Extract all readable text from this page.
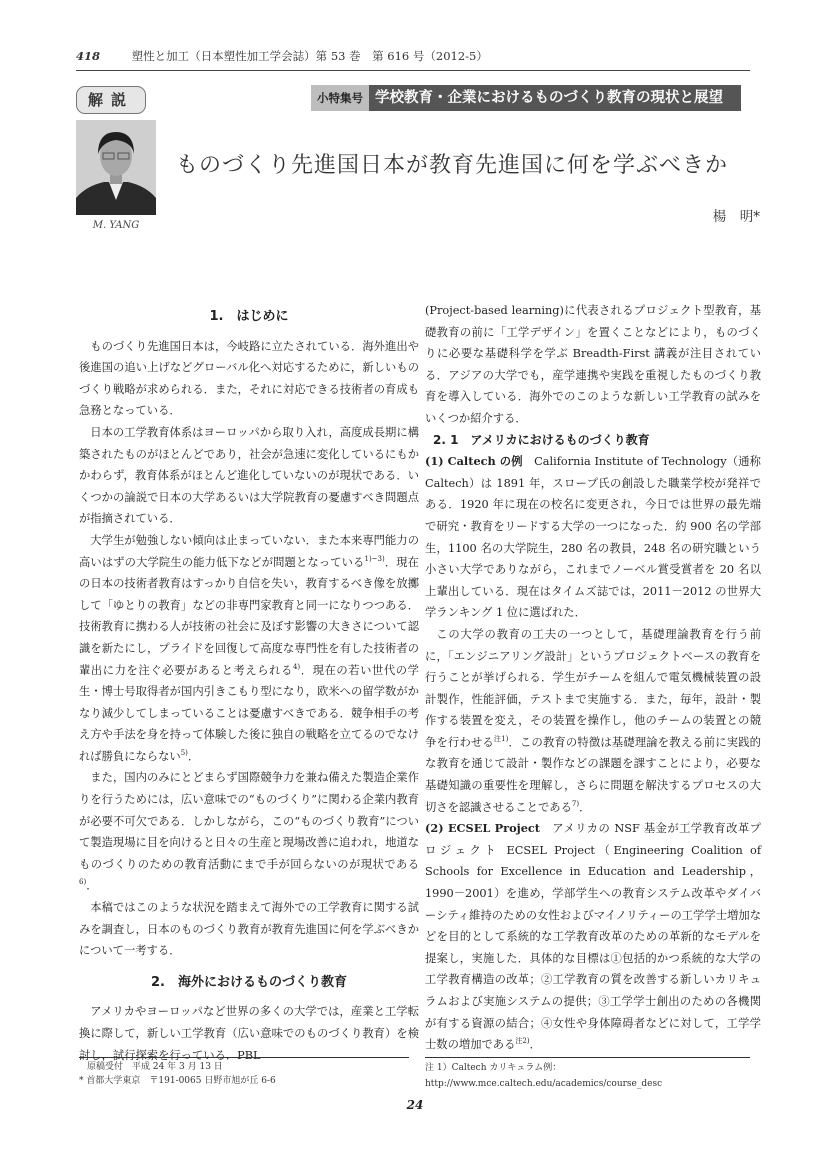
418	塑性と加工（日本塑性加工学会誌）第 53 巻　第 616 号（2012-5）
解説	小特集号 学校教育・企業におけるものづくり教育の現状と展望
M. YANG
ものづくり先進国日本が教育先進国に何を学ぶべきか
楊　明*
1.　はじめに

ものづくり先進国日本は，今岐路に立たされている．海外進出や後進国の追い上げなどグローバル化へ対応するために，新しいものづくり戦略が求められる．また，それに対応できる技術者の育成も急務となっている．

日本の工学教育体系はヨーロッパから取り入れ，高度成長期に構築されたものがほとんどであり，社会が急速に変化しているにもかかわらず，教育体系がほとんど進化していないのが現状である．いくつかの論説で日本の大学あるいは大学院教育の憂慮すべき問題点が指摘されている．

大学生が勉強しない傾向は止まっていない．また本来専門能力の高いはずの大学院生の能力低下などが問題となっている$^{1)\sim 3)}$．現在の日本の技術者教育はすっかり自信を失い，教育するべき像を放擲して「ゆとりの教育」などの非専門家教育と同一になりつつある．技術教育に携わる人が技術の社会に及ぼす影響の大きさについて認識を新たにし，プライドを回復して高度な専門性を有した技術者の輩出に力を注ぐ必要があると考えられる$^{4)}$．現在の若い世代の学生・博士号取得者が国内引きこもり型になり，欧米への留学数がかなり減少してしまっていることは憂慮すべきである．競争相手の考え方や手法を身を持って体験した後に独自の戦略を立てるのでなければ勝負にならない$^{5)}$．

また，国内のみにとどまらず国際競争力を兼ね備えた製造企業作りを行うためには，広い意味での“ものづくり”に関わる企業内教育が必要不可欠である．しかしながら，この“ものづくり教育”について製造現場に目を向けると日々の生産と現場改善に追われ，地道なものづくりのための教育活動にまで手が回らないのが現状である$^{6)}$．

本稿ではこのような状況を踏まえて海外での工学教育に関する試みを調査し，日本のものづくり教育が教育先進国に何を学ぶべきかについて一考する．

2.　海外におけるものづくり教育

アメリカやヨーロッパなど世界の多くの大学では，産業と工学転換に際して，新しい工学教育（広い意味でのものづくり教育）を検討し，試行探索を行っている．PBL

(Project-based learning)に代表されるプロジェクト型教育，基礎教育の前に「工学デザイン」を置くことなどにより，ものづくりに必要な基礎科学を学ぶ Breadth-First 講義が注目されている．アジアの大学でも，産学連携や実践を重視したものづくり教育を導入している．海外でのこのような新しい工学教育の試みをいくつか紹介する．

2. 1　アメリカにおけるものづくり教育

(1) Caltech の例　California Institute of Technology（通称 Caltech）は 1891 年，スロープ氏の創設した職業学校が発祥である．1920 年に現在の校名に変更され，今日では世界の最先端で研究・教育をリードする大学の一つになった．約 900 名の学部生，1100 名の大学院生，280 名の教員，248 名の研究職という小さい大学でありながら，これまでノーベル賞受賞者を 20 名以上輩出している．現在はタイムズ誌では，2011－2012 の世界大学ランキング 1 位に選ばれた．

この大学の教育の工夫の一つとして，基礎理論教育を行う前に，「エンジニアリング設計」というプロジェクトベースの教育を行うことが挙げられる．学生がチームを組んで電気機械装置の設計製作，性能評価，テストまで実施する．また，毎年，設計・製作する装置を変え，その装置を操作し，他のチームの装置との競争を行わせる$^{注1)}$．この教育の特徴は基礎理論を教える前に実践的な教育を通じて設計・製作などの課題を課すことにより，必要な基礎知識の重要性を理解し，さらに問題を解決するプロセスの大切さを認識させることである$^{7)}$．

(2) ECSEL Project　アメリカの NSF 基金が工学教育改革プロジェクト ECSEL Project（Engineering Coalition of Schools for Excellence in Education and Leadership，1990－2001）を進め，学部学生への教育システム改革やダイバーシティ維持のための女性およびマイノリティーの工学学士増加などを目的として系統的な工学教育改革のための革新的なモデルを提案し，実施した．具体的な目標は①包括的かつ系統的な大学の工学教育構造の改革；②工学教育の質を改善する新しいカリキュラムおよび実施システムの提供；③工学学士創出のための各機関が有する資源の結合；④女性や身体障碍者などに対して，工学学士数の増加である$^{注2)}$．

原稿受付　平成 24 年 3 月 13 日
* 首都大学東京　〒191-0065 日野市旭が丘 6-6
注 1）Caltech カリキュラム例：
http://www.mce.caltech.edu/academics/course_desc
24
